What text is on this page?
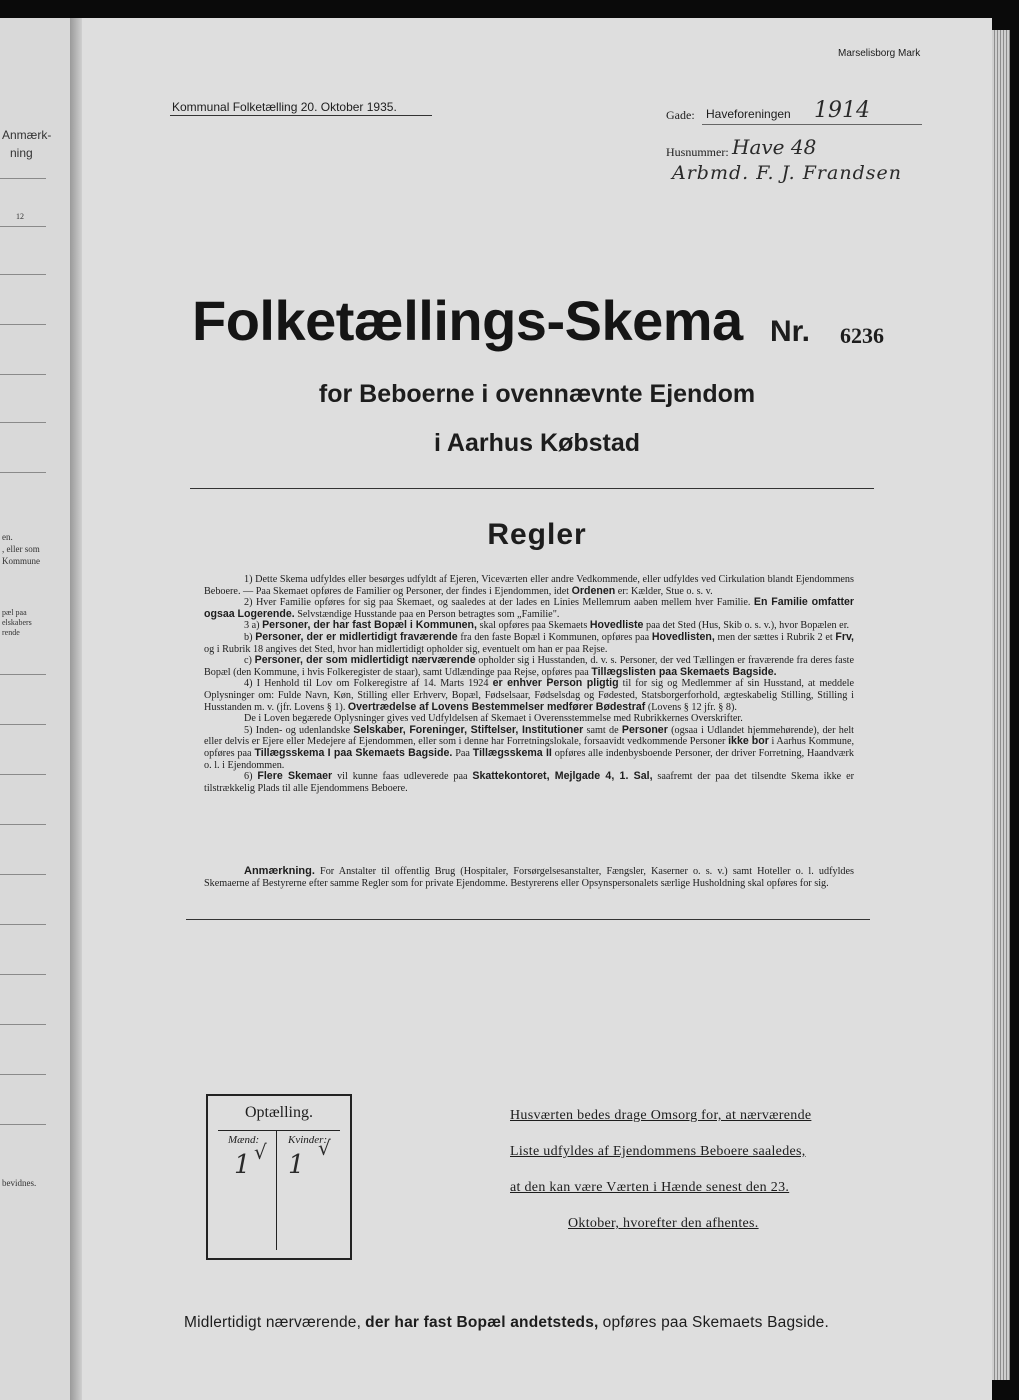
Anmærk-
ning
12
en.
, eller som
Kommune
pæl paa
elskabers
rende
bevidnes.
Marselisborg Mark
Kommunal Folketælling 20. Oktober 1935.
Gade: Haveforeningen 1914
Husnummer: Have 48
Arbmd. F. J. Frandsen
Folketællings-Skema Nr. 6236
for Beboerne i ovennævnte Ejendom
i Aarhus Købstad
Regler

1) Dette Skema udfyldes eller besørges udfyldt af Ejeren, Viceværten eller andre Vedkommende, eller udfyldes ved Cirkulation blandt Ejendommens Beboere. — Paa Skemaet opføres de Familier og Personer, der findes i Ejendommen, idet Ordenen er: Kælder, Stue o. s. v.

2) Hver Familie opføres for sig paa Skemaet, og saaledes at der lades en Linies Mellemrum aaben mellem hver Familie. En Familie omfatter ogsaa Logerende. Selvstændige Husstande paa en Person betragtes som „Familie".

3 a) Personer, der har fast Bopæl i Kommunen, skal opføres paa Skemaets Hovedliste paa det Sted (Hus, Skib o. s. v.), hvor Bopælen er.

b) Personer, der er midlertidigt fraværende fra den faste Bopæl i Kommunen, opføres paa Hovedlisten, men der sættes i Rubrik 2 et Frv, og i Rubrik 18 angives det Sted, hvor han midlertidigt opholder sig, eventuelt om han er paa Rejse.

c) Personer, der som midlertidigt nærværende opholder sig i Husstanden, d. v. s. Personer, der ved Tællingen er fraværende fra deres faste Bopæl (den Kommune, i hvis Folkeregister de staar), samt Udlændinge paa Rejse, opføres paa Tillægslisten paa Skemaets Bagside.

4) I Henhold til Lov om Folkeregistre af 14. Marts 1924 er enhver Person pligtig til for sig og Medlemmer af sin Husstand, at meddele Oplysninger om: Fulde Navn, Køn, Stilling eller Erhverv, Bopæl, Fødselsaar, Fødselsdag og Fødested, Statsborgerforhold, ægteskabelig Stilling, Stilling i Husstanden m. v. (jfr. Lovens § 1). Overtrædelse af Lovens Bestemmelser medfører Bødestraf (Lovens § 12 jfr. § 8).

De i Loven begærede Oplysninger gives ved Udfyldelsen af Skemaet i Overensstemmelse med Rubrikkernes Overskrifter.

5) Inden- og udenlandske Selskaber, Foreninger, Stiftelser, Institutioner samt de Personer (ogsaa i Udlandet hjemmehørende), der helt eller delvis er Ejere eller Medejere af Ejendommen, eller som i denne har Forretningslokale, forsaavidt vedkommende Personer ikke bor i Aarhus Kommune, opføres paa Tillægsskema I paa Skemaets Bagside. Paa Tillægsskema II opføres alle indenbysboende Personer, der driver Forretning, Haandværk o. l. i Ejendommen.

6) Flere Skemaer vil kunne faas udleverede paa Skattekontoret, Mejlgade 4, 1. Sal, saafremt der paa det tilsendte Skema ikke er tilstrækkelig Plads til alle Ejendommens Beboere.

Anmærkning. For Anstalter til offentlig Brug (Hospitaler, Forsørgelsesanstalter, Fængsler, Kaserner o. s. v.) samt Hoteller o. l. udfyldes Skemaerne af Bestyrerne efter samme Regler som for private Ejendomme. Bestyrerens eller Opsynspersonalets særlige Husholdning skal opføres for sig.
Optælling.
Mænd:	Kvinder:
1 √ 1
√
Husværten bedes drage Omsorg for, at nærværende
Liste udfyldes af Ejendommens Beboere saaledes,
at den kan være Værten i Hænde senest den 23.
Oktober, hvorefter den afhentes.
Midlertidigt nærværende, der har fast Bopæl andetsteds, opføres paa Skemaets Bagside.
